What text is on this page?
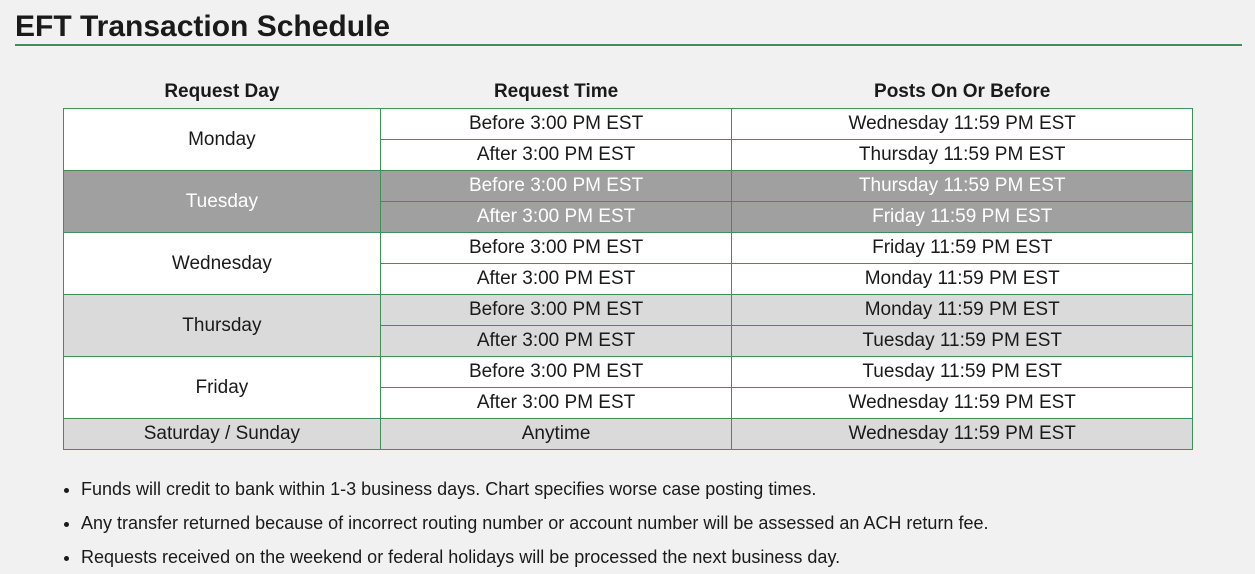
EFT Transaction Schedule
Request Day	Request Time	Posts On Or Before
Monday	Before 3:00 PM EST	Wednesday 11:59 PM EST
	After 3:00 PM EST	Thursday 11:59 PM EST
Tuesday	Before 3:00 PM EST	Thursday 11:59 PM EST
	After 3:00 PM EST	Friday 11:59 PM EST
Wednesday	Before 3:00 PM EST	Friday 11:59 PM EST
	After 3:00 PM EST	Monday 11:59 PM EST
Thursday	Before 3:00 PM EST	Monday 11:59 PM EST
	After 3:00 PM EST	Tuesday 11:59 PM EST
Friday	Before 3:00 PM EST	Tuesday 11:59 PM EST
	After 3:00 PM EST	Wednesday 11:59 PM EST
Saturday / Sunday	Anytime	Wednesday 11:59 PM EST
• Funds will credit to bank within 1-3 business days. Chart specifies worse case posting times.
• Any transfer returned because of incorrect routing number or account number will be assessed an ACH return fee.
• Requests received on the weekend or federal holidays will be processed the next business day.
